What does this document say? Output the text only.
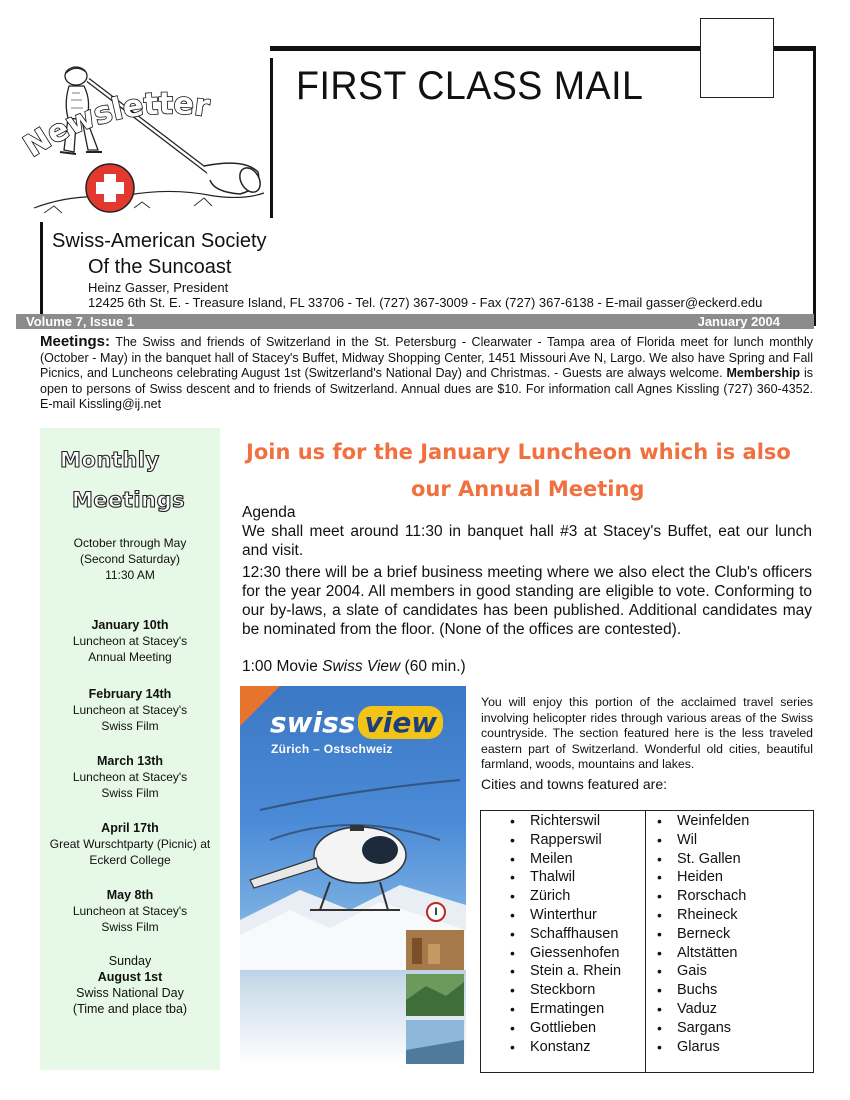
Newsletter FIRST CLASS MAIL
Swiss-American Society
Of the Suncoast
Heinz Gasser, President
12425 6th St. E. - Treasure Island, FL 33706 - Tel. (727) 367-3009 - Fax (727) 367-6138 - E-mail gasser@eckerd.edu
Volume 7, Issue 1	January 2004
Meetings: The Swiss and friends of Switzerland in the St. Petersburg - Clearwater - Tampa area of Florida meet for lunch monthly (October - May) in the banquet hall of Stacey's Buffet, Midway Shopping Center, 1451 Missouri Ave N, Largo. We also have Spring and Fall Picnics, and Luncheons celebrating August 1st (Switzerland's National Day) and Christmas. - Guests are always welcome. Membership is open to persons of Swiss descent and to friends of Switzerland. Annual dues are $10. For information call Agnes Kissling (727) 360-4352. E-mail Kissling@ij.net
Monthly
Meetings
October through May
(Second Saturday)
11:30 AM
January 10th
Luncheon at Stacey's
Annual Meeting
February 14th
Luncheon at Stacey's
Swiss Film
March 13th
Luncheon at Stacey's
Swiss Film
April 17th
Great Wurschtparty (Picnic) at
Eckerd College
May 8th
Luncheon at Stacey's
Swiss Film
Sunday
August 1st
Swiss National Day
(Time and place tba)
Join us for the January Luncheon which is also
our Annual Meeting
Agenda
We shall meet around 11:30 in banquet hall #3 at Stacey's Buffet, eat our lunch and visit.
12:30 there will be a brief business meeting where we also elect the Club's officers for the year 2004. All members in good standing are eligible to vote. Conforming to our by-laws, a slate of candidates has been published. Additional candidates may be nominated from the floor. (None of the offices are contested).
1:00 Movie Swiss View (60 min.)
swiss view
Zürich – Ostschweiz
I
You will enjoy this portion of the acclaimed travel series involving helicopter rides through various areas of the Swiss countryside. The section featured here is the less traveled eastern part of Switzerland. Wonderful old cities, beautiful farmland, woods, mountains and lakes.
Cities and towns featured are:
• Richterswil
• Rapperswil
• Meilen
• Thalwil
• Zürich
• Winterthur
• Schaffhausen
• Giessenhofen
• Stein a. Rhein
• Steckborn
• Ermatingen
• Gottlieben
• Konstanz
• Weinfelden
• Wil
• St. Gallen
• Heiden
• Rorschach
• Rheineck
• Berneck
• Altstätten
• Gais
• Buchs
• Vaduz
• Sargans
• Glarus
